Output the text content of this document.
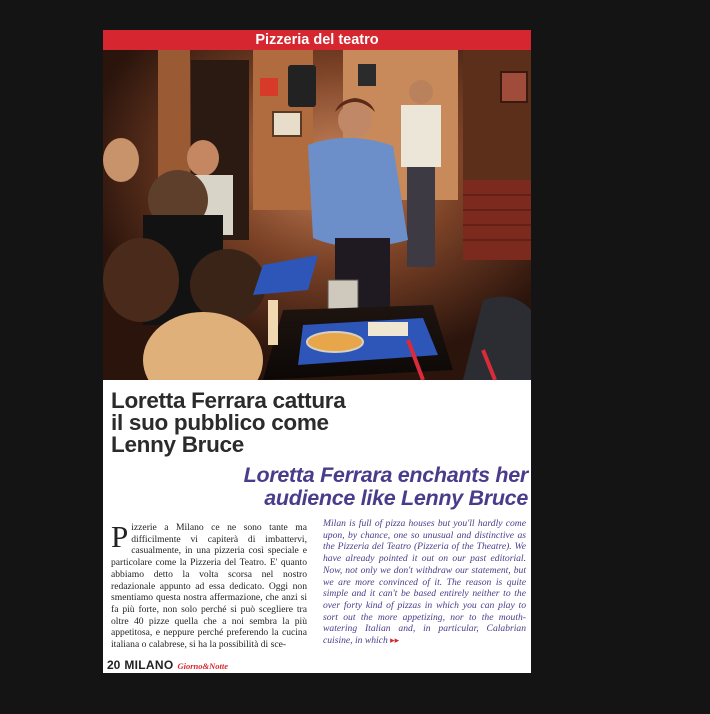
Pizzeria del teatro
Loretta Ferrara cattura
il suo pubblico come
Lenny Bruce
Loretta Ferrara enchants her
audience like Lenny Bruce

P izzerie a Milano ce ne sono tante ma difficilmente vi capiterà di imbattervi, casualmente, in una pizzeria così speciale e particolare come la Pizzeria del Teatro. E' quanto abbiamo detto la volta scorsa nel nostro redazionale appunto ad essa dedicato. Oggi non smentiamo questa nostra affermazione, che anzi si fa più forte, non solo perché si può scegliere tra oltre 40 pizze quella che a noi sembra la più appetitosa, e neppure perché preferendo la cucina italiana o calabrese, si ha la possibilità di sce-

Milan is full of pizza houses but you'll hardly come upon, by chance, one so unusual and distinctive as the Pizzeria del Teatro (Pizzeria of the Theatre). We have already pointed it out on our past editorial. Now, not only we don't withdraw our statement, but we are more convinced of it. The reason is quite simple and it can't be based entirely neither to the over forty kind of pizzas in which you can play to sort out the more appetizing, nor to the mouth-watering Italian and, in particular, Calabrian cuisine, in which ▸▸

20 MILANO Giorno&Notte
